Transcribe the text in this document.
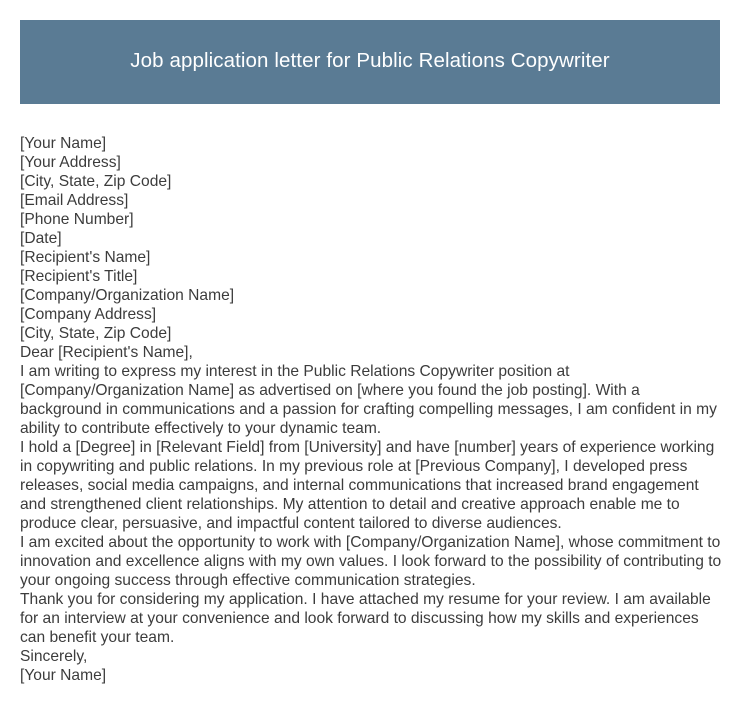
Job application letter for Public Relations Copywriter
[Your Name]
[Your Address]
[City, State, Zip Code]
[Email Address]
[Phone Number]
[Date]
[Recipient's Name]
[Recipient's Title]
[Company/Organization Name]
[Company Address]
[City, State, Zip Code]
Dear [Recipient's Name],
I am writing to express my interest in the Public Relations Copywriter position at [Company/Organization Name] as advertised on [where you found the job posting]. With a background in communications and a passion for crafting compelling messages, I am confident in my ability to contribute effectively to your dynamic team.
I hold a [Degree] in [Relevant Field] from [University] and have [number] years of experience working in copywriting and public relations. In my previous role at [Previous Company], I developed press releases, social media campaigns, and internal communications that increased brand engagement and strengthened client relationships. My attention to detail and creative approach enable me to produce clear, persuasive, and impactful content tailored to diverse audiences.
I am excited about the opportunity to work with [Company/Organization Name], whose commitment to innovation and excellence aligns with my own values. I look forward to the possibility of contributing to your ongoing success through effective communication strategies.
Thank you for considering my application. I have attached my resume for your review. I am available for an interview at your convenience and look forward to discussing how my skills and experiences can benefit your team.
Sincerely,
[Your Name]
